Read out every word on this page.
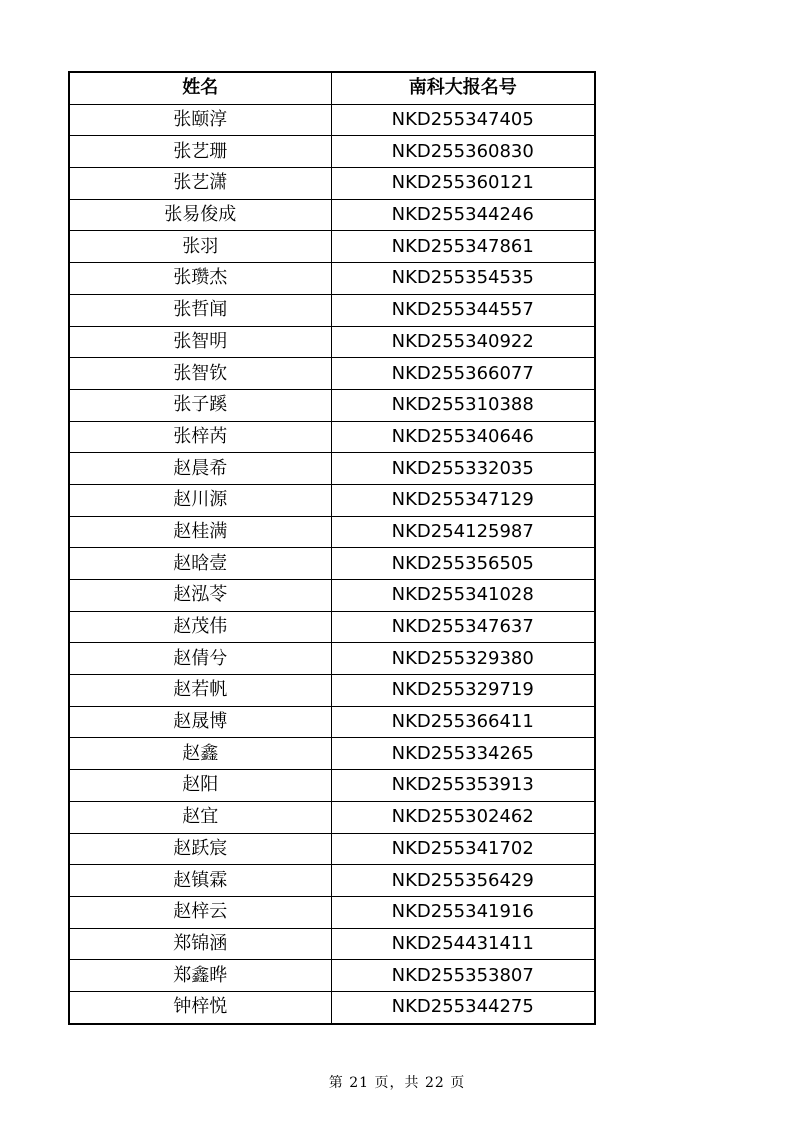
姓名	南科大报名号
张颐淳	NKD255347405
张艺珊	NKD255360830
张艺潇	NKD255360121
张易俊成	NKD255344246
张羽	NKD255347861
张瓒杰	NKD255354535
张哲闻	NKD255344557
张智明	NKD255340922
张智钦	NKD255366077
张子蹊	NKD255310388
张梓芮	NKD255340646
赵晨希	NKD255332035
赵川源	NKD255347129
赵桂满	NKD254125987
赵晗壹	NKD255356505
赵泓苓	NKD255341028
赵茂伟	NKD255347637
赵倩兮	NKD255329380
赵若帆	NKD255329719
赵晟博	NKD255366411
赵鑫	NKD255334265
赵阳	NKD255353913
赵宜	NKD255302462
赵跃宸	NKD255341702
赵镇霖	NKD255356429
赵梓云	NKD255341916
郑锦涵	NKD254431411
郑鑫晔	NKD255353807
钟梓悦	NKD255344275
第 21 页，共 22 页
